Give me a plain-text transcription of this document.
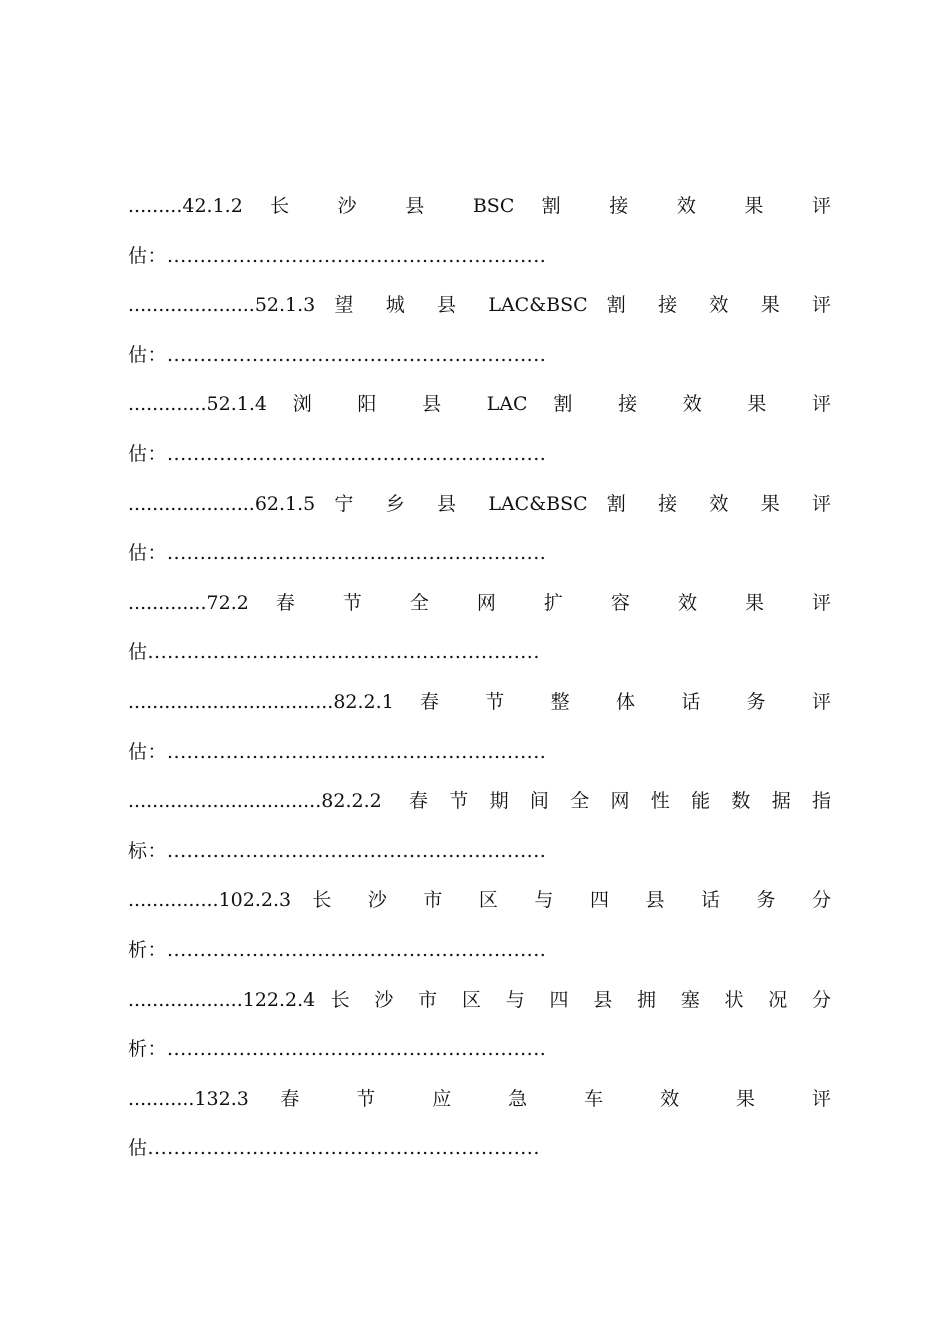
.........42.1.2 长 沙 县 BSC 割 接 效 果 评
估：..........................................................
.....................52.1.3 望 城 县 LAC&BSC 割 接 效 果 评
估：..........................................................
.............52.1.4 浏 阳 县 LAC 割 接 效 果 评
估：..........................................................
.....................62.1.5 宁 乡 县 LAC&BSC 割 接 效 果 评
估：..........................................................
.............72.2 春 节 全 网 扩 容 效 果 评
估............................................................
..................................82.2.1 春 节 整 体 话 务 评
估：..........................................................
................................82.2.2 春节期间全网性能数据指
标：..........................................................
...............102.2.3 长 沙 市 区 与 四 县 话 务 分
析：..........................................................
...................122.2.4 长 沙 市 区 与 四 县 拥 塞 状 况 分
析：..........................................................
...........132.3 春 节 应 急 车 效 果 评
估............................................................
